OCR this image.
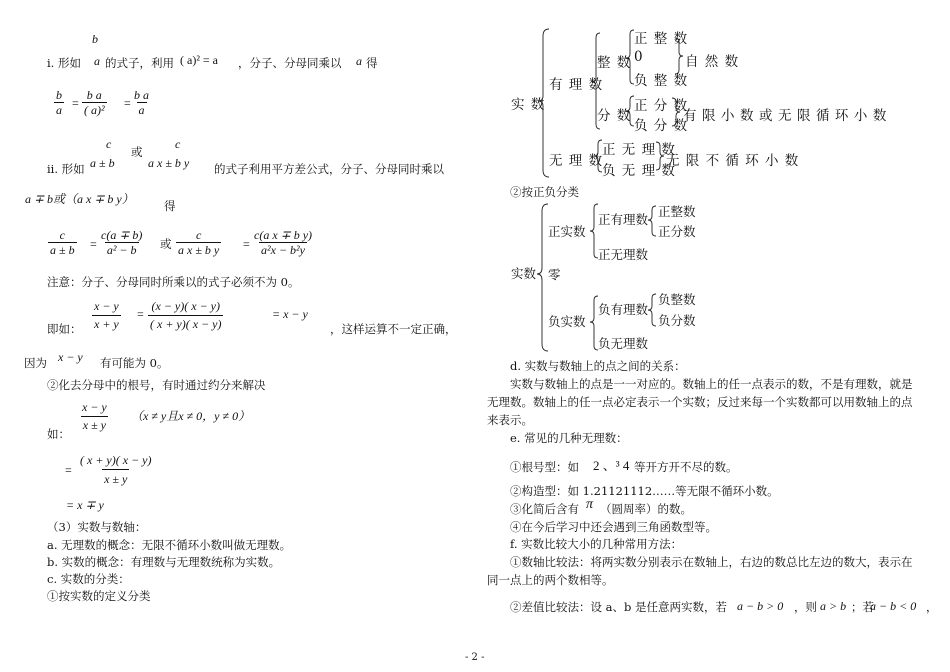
b
i. 形如 a 的式子，利用 ( a)² = a ，分子、分母同乘以 a 得
$\frac{b}{a} = \frac{\text{b a}}{\text{( a)²}} = \frac{\text{b a}}{a}$
c
或
c
ii. 形如 a ± b	a x ± b y 的式子利用平方差公式，分子、分母同时乘以
a ∓ b或（a x ∓ b y）	得
$\frac{c}{a \pm b} = \frac{c(a \mp b)}{\text{a² − b}}$ 或 $\frac{c}{\text{a x ± b y}} = \frac{\text{c(a x ∓ b y)}}{\text{a²x − b²y}}$
注意：分子、分母同时所乘以的式子必须不为 0。
即如： $\frac{x - y}{x + y} = \frac{(x - y)( x - y)}{( x + y)( x - y)}$	= x − y
，这样运算不一定正确，
因为 x − y 有可能为 0。
②化去分母中的根号，有时通过约分来解决
如： $\frac{x - y}{x \pm y} (x \ne y$且x ≠ 0，y ≠ 0）
= $\frac{( x + y)( x - y)}{x \pm y}$
= x ∓ y
（3）实数与数轴：
a. 无理数的概念：无限不循环小数叫做无理数。
b. 实数的概念：有理数与无理数统称为实数。
c. 实数的分类：
①按实数的定义分类
实 数
有 理 数
整 数
正 整 数
0
负 整 数
自 然 数
分 数
正 分 数
负 分 数
有 限 小 数 或 无 限 循 环 小 数
无 理 数
正 无 理 数
负 无 理 数
无 限 不 循 环 小 数
②按正负分类
实数
正实数
正有理数
正整数
正分数
正无理数
零
负实数
负有理数
负整数
负分数
负无理数
d. 实数与数轴上的点之间的关系：
实数与数轴上的点是一一对应的。数轴上的任一点表示的数，不是有理数，就是
无理数。数轴上的任一点必定表示一个实数；反过来每一个实数都可以用数轴上的点
来表示。
e. 常见的几种无理数：
①根号型：如 2 、³ 4 等开方开不尽的数。
②构造型：如 1.21121112……等无限不循环小数。
③化简后含有 π （圆周率）的数。
④在今后学习中还会遇到三角函数型等。
f. 实数比较大小的几种常用方法：
①数轴比较法：将两实数分别表示在数轴上，右边的数总比左边的数大，表示在
同一点上的两个数相等。
②差值比较法：设 a、b 是任意两实数，若 a − b > 0 ，则 a > b ；若
a − b < 0 ，
- 2 -
